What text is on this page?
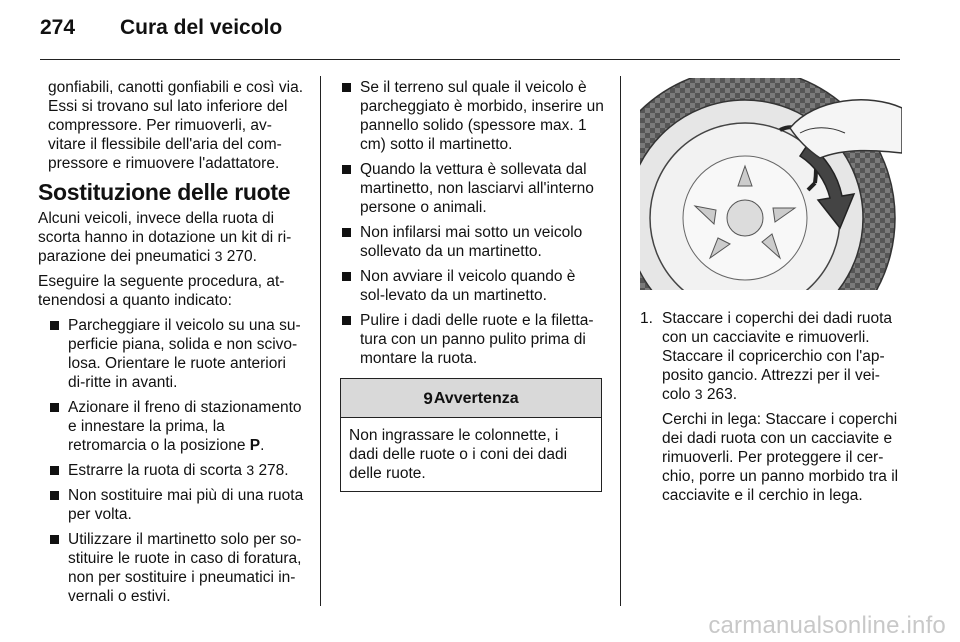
274	Cura del veicolo

gonfiabili, canotti gonfiabili e così via. Essi si trovano sul lato inferiore del compressore. Per rimuoverli, av-vitare il flessibile dell'aria del com-pressore e rimuovere l'adattatore.

Sostituzione delle ruote

Alcuni veicoli, invece della ruota di scorta hanno in dotazione un kit di ri-parazione dei pneumatici 3 270.

Eseguire la seguente procedura, at-tenendosi a quanto indicato:

Parcheggiare il veicolo su una su-perficie piana, solida e non scivo-losa. Orientare le ruote anteriori di-ritte in avanti.
Azionare il freno di stazionamento e innestare la prima, la retromarcia o la posizione P.
Estrarre la ruota di scorta 3 278.
Non sostituire mai più di una ruota per volta.
Utilizzare il martinetto solo per so-stituire le ruote in caso di foratura, non per sostituire i pneumatici in-vernali o estivi.
Se il terreno sul quale il veicolo è parcheggiato è morbido, inserire un pannello solido (spessore max. 1 cm) sotto il martinetto.
Quando la vettura è sollevata dal martinetto, non lasciarvi all'interno persone o animali.
Non infilarsi mai sotto un veicolo sollevato da un martinetto.
Non avviare il veicolo quando è sol-levato da un martinetto.
Pulire i dadi delle ruote e la filetta-tura con un panno pulito prima di montare la ruota.
9 Avvertenza
Non ingrassare le colonnette, i dadi delle ruote o i coni dei dadi delle ruote.
1. Staccare i coperchi dei dadi ruota con un cacciavite e rimuoverli. Staccare il copricerchio con l'ap-posito gancio. Attrezzi per il vei-colo 3 263.

Cerchi in lega: Staccare i coperchi dei dadi ruota con un cacciavite e rimuoverli. Per proteggere il cer-chio, porre un panno morbido tra il cacciavite e il cerchio in lega.

carmanualsonline.info
